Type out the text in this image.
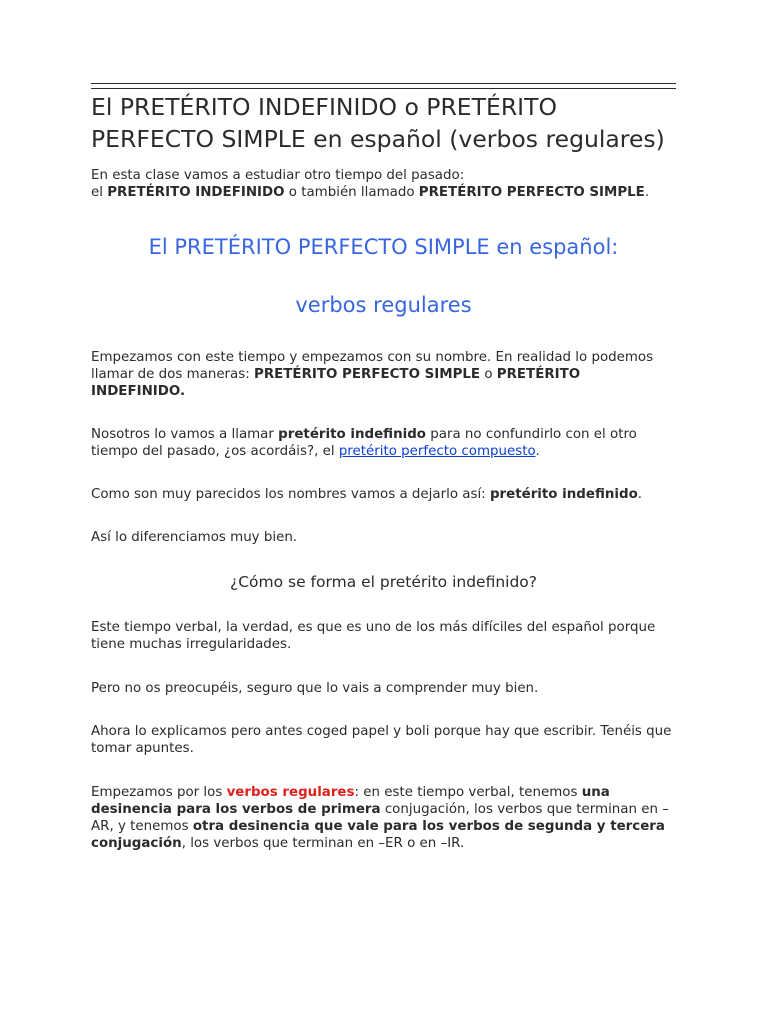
El PRETÉRITO INDEFINIDO o PRETÉRITO PERFECTO SIMPLE en español (verbos regulares)

En esta clase vamos a estudiar otro tiempo del pasado:
el PRETÉRITO INDEFINIDO o también llamado PRETÉRITO PERFECTO SIMPLE.

El PRETÉRITO PERFECTO SIMPLE en español:
verbos regulares

Empezamos con este tiempo y empezamos con su nombre. En realidad lo podemos llamar de dos maneras: PRETÉRITO PERFECTO SIMPLE o PRETÉRITO INDEFINIDO.

Nosotros lo vamos a llamar pretérito indefinido para no confundirlo con el otro tiempo del pasado, ¿os acordáis?, el pretérito perfecto compuesto.

Como son muy parecidos los nombres vamos a dejarlo así: pretérito indefinido.

Así lo diferenciamos muy bien.

¿Cómo se forma el pretérito indefinido?

Este tiempo verbal, la verdad, es que es uno de los más difíciles del español porque tiene muchas irregularidades.

Pero no os preocupéis, seguro que lo vais a comprender muy bien.

Ahora lo explicamos pero antes coged papel y boli porque hay que escribir. Tenéis que tomar apuntes.

Empezamos por los verbos regulares: en este tiempo verbal, tenemos una desinencia para los verbos de primera conjugación, los verbos que terminan en –AR, y tenemos otra desinencia que vale para los verbos de segunda y tercera conjugación, los verbos que terminan en –ER o en –IR.
